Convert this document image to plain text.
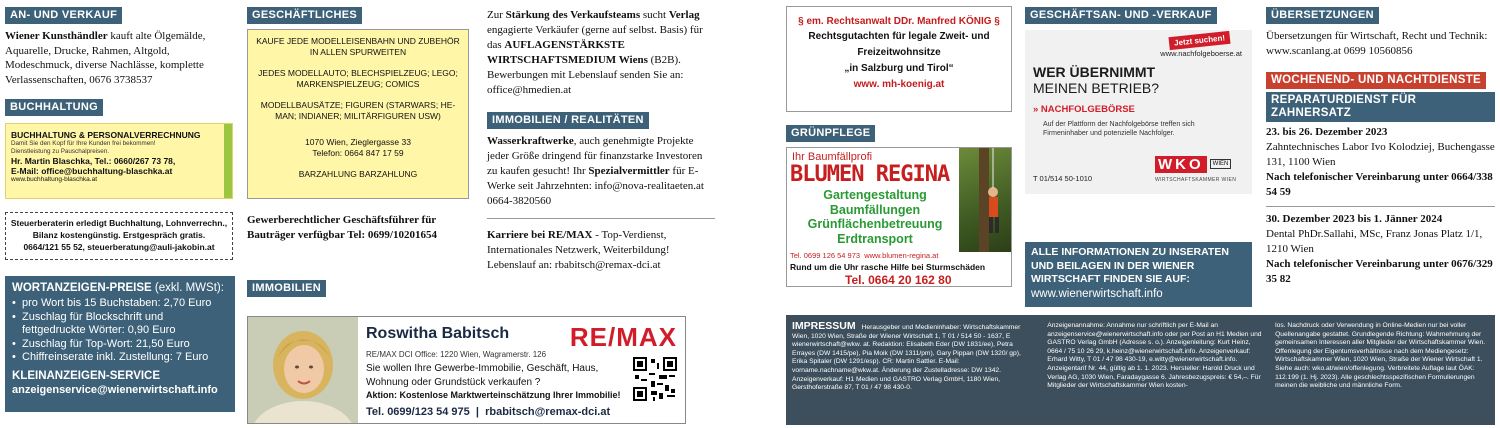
AN- UND VERKAUF
Wiener Kunsthändler kauft alte Ölgemälde, Aquarelle, Drucke, Rahmen, Altgold, Modeschmuck, diverse Nachlässe, komplette Verlassenschaften, 0676 3738537
BUCHHALTUNG
BUCHHALTUNG & PERSONALVERRECHNUNG
Damit Sie den Kopf für Ihre Kunden frei bekommen!
Dienstleistung zu Pauschalpreisen.
Hr. Martin Blaschka, Tel.: 0660/267 73 78,
E-Mail: office@buchhaltung-blaschka.at
www.buchhaltung-blaschka.at
Steuerberaterin erledigt Buchhaltung, Lohnverrechn.,
Bilanz kostengünstig. Erstgespräch gratis.
0664/121 55 52, steuerberatung@auli-jakobin.at
WORTANZEIGEN-PREISE (exkl. MWSt):
• pro Wort bis 15 Buchstaben: 2,70 Euro
• Zuschlag für Blockschrift und fettgedruckte Wörter: 0,90 Euro
• Zuschlag für Top-Wort: 21,50 Euro
• Chiffreinserate inkl. Zustellung: 7 Euro
KLEINANZEIGEN-SERVICE
anzeigenservice@wienerwirtschaft.info
GESCHÄFTLICHES
KAUFE JEDE MODELLEISENBAHN UND ZUBEHÖR IN ALLEN SPURWEITEN
JEDES MODELLAUTO; BLECHSPIELZEUG; LEGO; MARKENSPIELZEUG; COMICS
MODELLBAUSÄTZE; FIGUREN (STARWARS; HE-MAN; INDIANER; MILITÄRFIGUREN USW)
1070 Wien, Zieglergasse 33
Telefon: 0664 847 17 59
BARZAHLUNG BARZAHLUNG
Gewerberechtlicher Geschäftsführer für Bauträger verfügbar Tel: 0699/10201654
IMMOBILIEN
Roswitha Babitsch RE/MAX
RE/MAX DCI Office: 1220 Wien, Wagramerstr. 126
Sie wollen Ihre Gewerbe-Immobilie, Geschäft, Haus, Wohnung oder Grundstück verkaufen ?
Aktion: Kostenlose Marktwerteinschätzung Ihrer Immobilie!
Tel. 0699/123 54 975  |  rbabitsch@remax-dci.at
Zur Stärkung des Verkaufsteams sucht Verlag engagierte Verkäufer (gerne auf selbst. Basis) für das AUFLAGENSTÄRKSTE WIRTSCHAFTSMEDIUM Wiens (B2B). Bewerbungen mit Lebenslauf senden Sie an: office@hmedien.at
IMMOBILIEN / REALITÄTEN
Wasserkraftwerke, auch genehmigte Projekte jeder Größe dringend für finanzstarke Investoren zu kaufen gesucht! Ihr Spezialvermittler für E-Werke seit Jahrzehnten: info@nova-realitaeten.at 0664-3820560
Karriere bei RE/MAX - Top-Verdienst, Internationales Netzwerk, Weiterbildung! Lebenslauf an: rbabitsch@remax-dci.at
§ em. Rechtsanwalt DDr. Manfred KÖNIG §
Rechtsgutachten für legale Zweit- und Freizeitwohnsitze
„in Salzburg und Tirol“
www. mh-koenig.at
GRÜNPFLEGE
Ihr Baumfällprofi
BLUMEN REGINA
Gartengestaltung
Baumfällungen
Grünflächenbetreuung
Erdtransport
Tel. 0699 126 54 973  www.blumen-regina.at
Rund um die Uhr rasche Hilfe bei Sturmschäden
Tel. 0664 20 162 80
GESCHÄFTSAN- UND -VERKAUF
Jetzt suchen!
www.nachfolgeboerse.at
WER ÜBERNIMMT
MEINEN BETRIEB?
» NACHFOLGEBÖRSE
Auf der Plattform der Nachfolgebörse treffen sich Firmeninhaber und potenzielle Nachfolger.
T 01/514 50-1010
WKO	WIEN
WIRTSCHAFTSKAMMER WIEN
ALLE INFORMATIONEN ZU INSERATEN UND BEILAGEN IN DER WIENER WIRTSCHAFT FINDEN SIE AUF:
www.wienerwirtschaft.info
ÜBERSETZUNGEN
Übersetzungen für Wirtschaft, Recht und Technik: www.scanlang.at 0699 10560856
WOCHENEND- UND NACHTDIENSTE REPARATURDIENST FÜR ZAHNERSATZ
23. bis 26. Dezember 2023
Zahntechnisches Labor Ivo Kolodziej, Buchengasse 131, 1100 Wien
Nach telefonischer Vereinbarung unter 0664/338 54 59
30. Dezember 2023 bis 1. Jänner 2024
Dental PhDr.Sallahi, MSc, Franz Jonas Platz 1/1, 1210 Wien
Nach telefonischer Vereinbarung unter 0676/329 35 82
IMPRESSUM Herausgeber und Medieninhaber: Wirtschaftskammer Wien, 1020 Wien, Straße der Wiener Wirtschaft 1, T 01 / 514 50 - 1637, E wienerwirtschaft@wkw. at. Redaktion: Elisabeth Eder (DW 1831/ee), Petra Errayes (DW 1415/pe), Pia Moik (DW 1311/pm), Gary Pippan (DW 1320/ gp), Erika Spitaler (DW 1291/esp). CR: Martin Sattler. E-Mail: vorname.nachname@wkw.at. Änderung der Zustelladresse: DW 1342. Anzeigenverkauf: H1 Medien und GASTRO Verlag GmbH, 1180 Wien, Gersthoferstraße 87, T 01 / 47 98 430-0.
Anzeigenannahme: Annahme nur schriftlich per E-Mail an anzeigenservice@wienerwirtschaft.info oder per Post an H1 Medien und GASTRO Verlag GmbH (Adresse s. o.). Anzeigenleitung: Kurt Heinz, 0664 / 75 10 26 29, k.heinz@wienerwirtschaft.info. Anzeigenverkauf: Erhard Witty, T 01 / 47 98 430-19, e.witty@wienerwirtschaft.info. Anzeigentarif Nr. 44, gültig ab 1. 1. 2023. Hersteller: Harold Druck und Verlag AG, 1030 Wien, Faradaygasse 6. Jahresbezugspreis: € 54,–. Für Mitglieder der Wirtschaftskammer Wien kosten-
los. Nachdruck oder Verwendung in Online-Medien nur bei voller Quellenangabe gestattet. Grundlegende Richtung: Wahrnehmung der gemeinsamen Interessen aller Mitglieder der Wirtschaftskammer Wien. Offenlegung der Eigentumsverhältnisse nach dem Mediengesetz: Wirtschaftskammer Wien, 1020 Wien, Straße der Wiener Wirtschaft 1. Siehe auch: wko.at/wien/offenlegung. Verbreitete Auflage laut ÖAK: 112.199 (1. Hj. 2023). Alle geschlechtsspezifischen Formulierungen meinen die weibliche und männliche Form.
